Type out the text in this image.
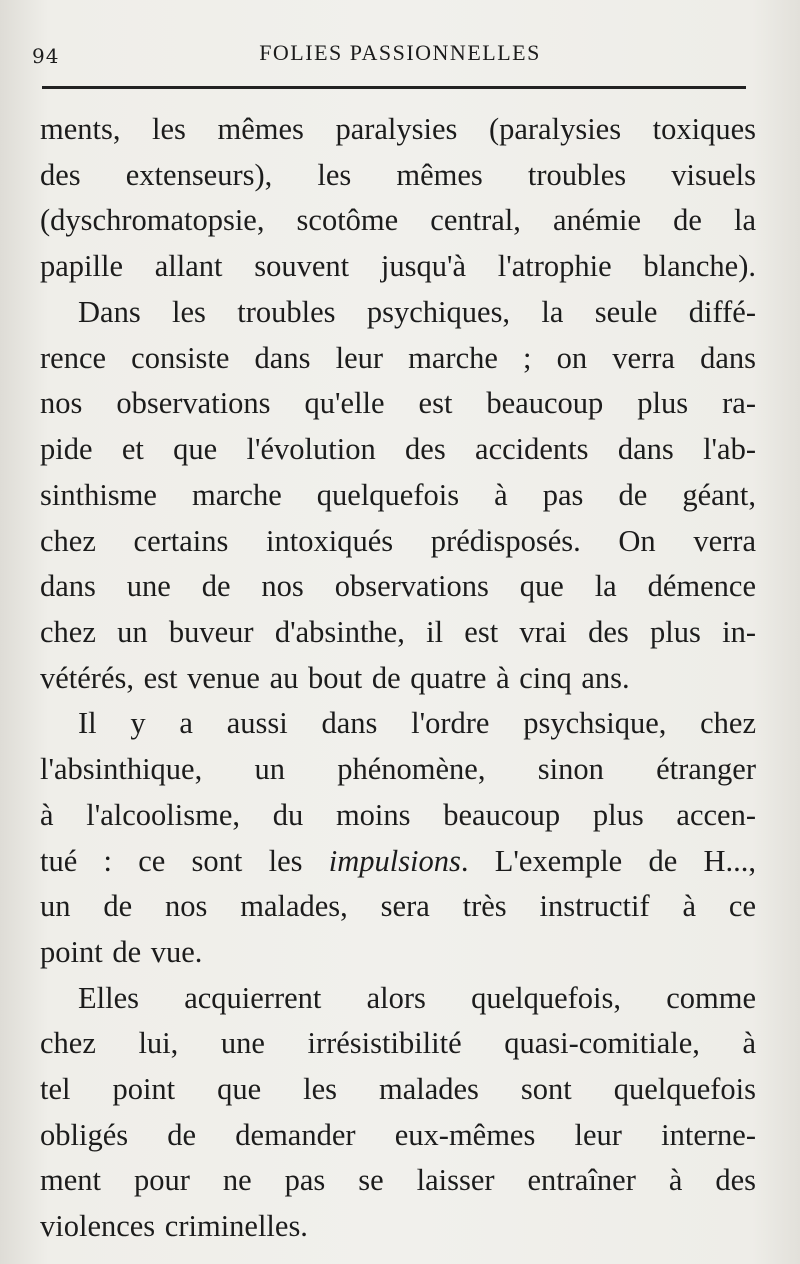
94	FOLIES PASSIONNELLES
ments, les mêmes paralysies (paralysies toxiques
des extenseurs), les mêmes troubles visuels
(dyschromatopsie, scotôme central, anémie de la
papille allant souvent jusqu'à l'atrophie blanche).
Dans les troubles psychiques, la seule diffé-
rence consiste dans leur marche ; on verra dans
nos observations qu'elle est beaucoup plus ra-
pide et que l'évolution des accidents dans l'ab-
sinthisme marche quelquefois à pas de géant,
chez certains intoxiqués prédisposés. On verra
dans une de nos observations que la démence
chez un buveur d'absinthe, il est vrai des plus in-
vétérés, est venue au bout de quatre à cinq ans.
Il y a aussi dans l'ordre psychsique, chez
l'absinthique, un phénomène, sinon étranger
à l'alcoolisme, du moins beaucoup plus accen-
tué : ce sont les impulsions. L'exemple de H...,
un de nos malades, sera très instructif à ce
point de vue.
Elles acquierrent alors quelquefois, comme
chez lui, une irrésistibilité quasi-comitiale, à
tel point que les malades sont quelquefois
obligés de demander eux-mêmes leur interne-
ment pour ne pas se laisser entraîner à des
violences criminelles.
